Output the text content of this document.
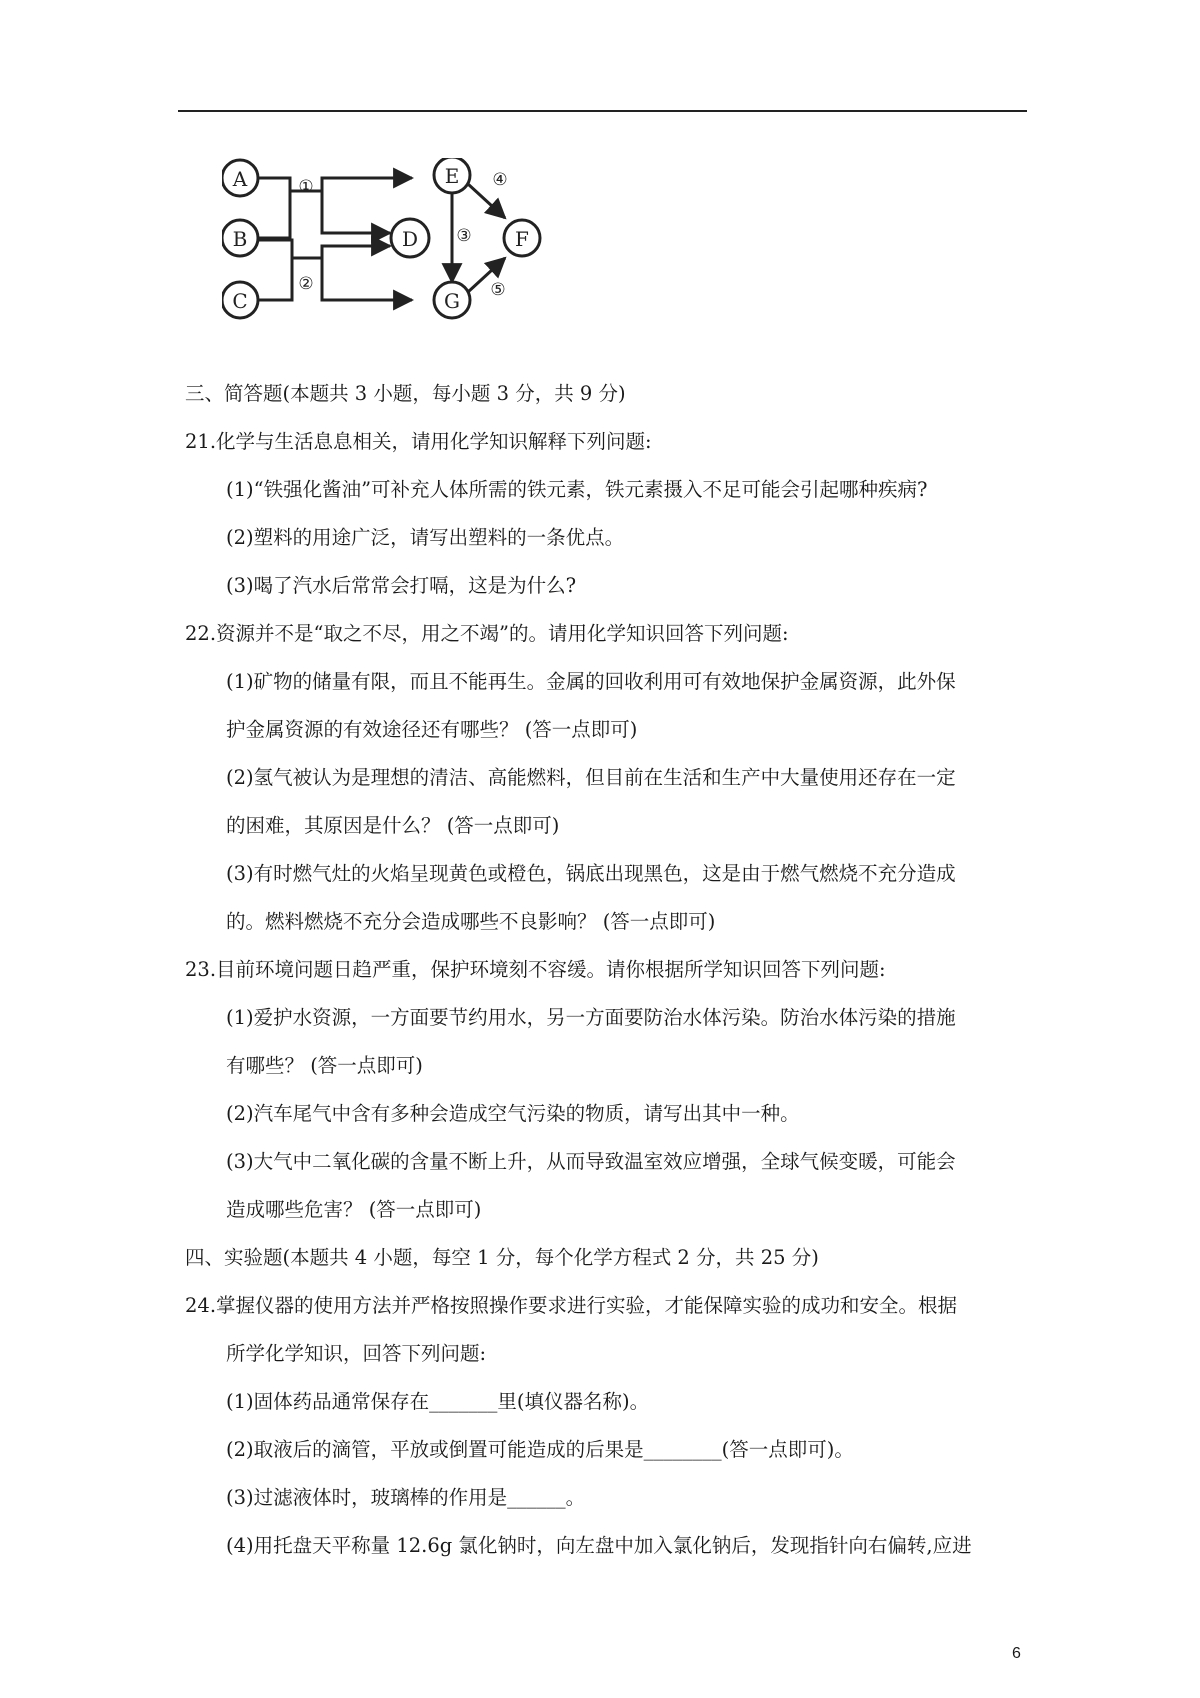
A
B
C
D
E
F
G
①
②
③
④
⑤
三、简答题(本题共 3 小题，每小题 3 分，共 9 分)
21.化学与生活息息相关，请用化学知识解释下列问题:
(1)“铁强化酱油”可补充人体所需的铁元素，铁元素摄入不足可能会引起哪种疾病?
(2)塑料的用途广泛，请写出塑料的一条优点。
(3)喝了汽水后常常会打嗝，这是为什么?
22.资源并不是“取之不尽，用之不竭”的。请用化学知识回答下列问题:
(1)矿物的储量有限，而且不能再生。金属的回收利用可有效地保护金属资源，此外保
护金属资源的有效途径还有哪些？ (答一点即可)
(2)氢气被认为是理想的清洁、高能燃料，但目前在生活和生产中大量使用还存在一定
的困难，其原因是什么？ (答一点即可)
(3)有时燃气灶的火焰呈现黄色或橙色，锅底出现黑色，这是由于燃气燃烧不充分造成
的。燃料燃烧不充分会造成哪些不良影响？ (答一点即可)
23.目前环境问题日趋严重，保护环境刻不容缓。请你根据所学知识回答下列问题:
(1)爱护水资源，一方面要节约用水，另一方面要防治水体污染。防治水体污染的措施
有哪些？ (答一点即可)
(2)汽车尾气中含有多种会造成空气污染的物质，请写出其中一种。
(3)大气中二氧化碳的含量不断上升，从而导致温室效应增强，全球气候变暖，可能会
造成哪些危害？ (答一点即可)
四、实验题(本题共 4 小题，每空 1 分，每个化学方程式 2 分，共 25 分)
24.掌握仪器的使用方法并严格按照操作要求进行实验，才能保障实验的成功和安全。根据
所学化学知识，回答下列问题:
(1)固体药品通常保存在_______里(填仪器名称)。
(2)取液后的滴管，平放或倒置可能造成的后果是________(答一点即可)。
(3)过滤液体时，玻璃棒的作用是______。
(4)用托盘天平称量 12.6g 氯化钠时，向左盘中加入氯化钠后，发现指针向右偏转,应进
6
